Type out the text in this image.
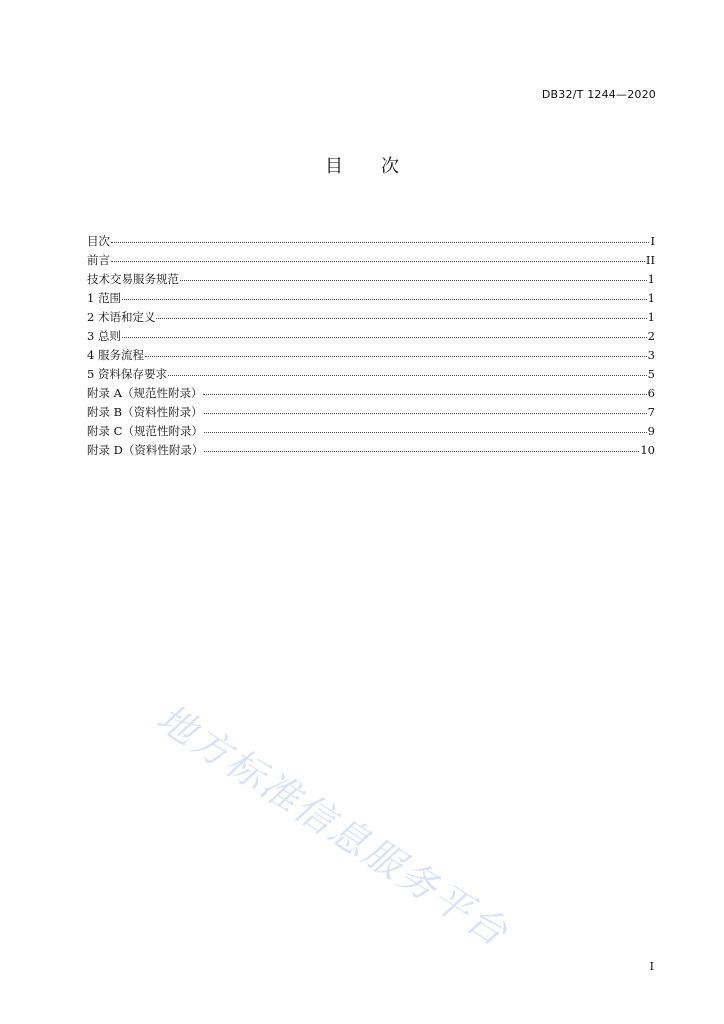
DB32/T 1244—2020
目 次
目次	I
前言	II
技术交易服务规范	1
1 范围	1
2 术语和定义	1
3 总则	2
4 服务流程	3
5 资料保存要求	5
附录 A（规范性附录）	6
附录 B（资料性附录）	7
附录 C（规范性附录）	9
附录 D（资料性附录）	10
地方标准信息服务平台
I
